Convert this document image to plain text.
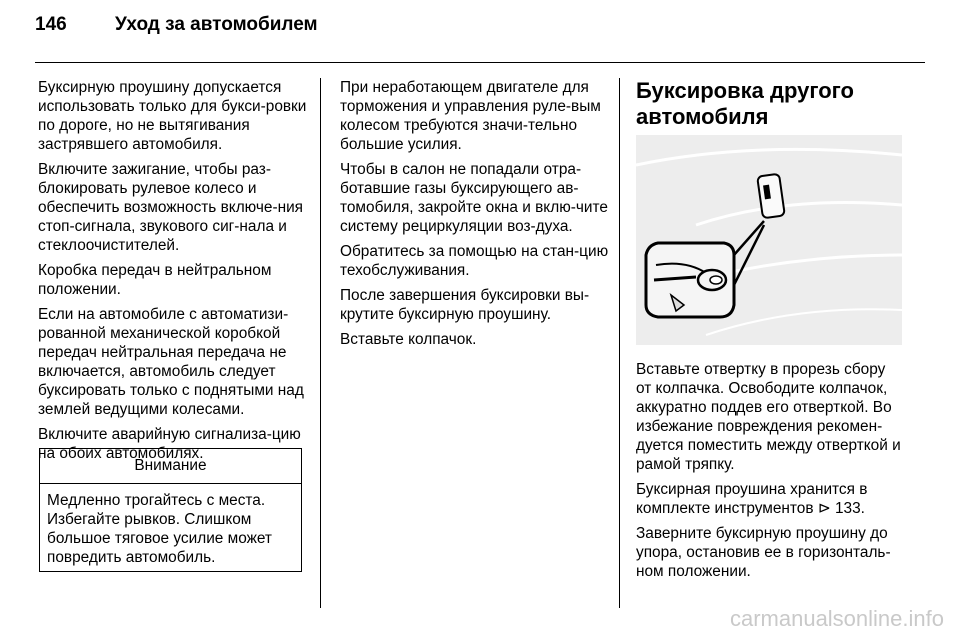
146	Уход за автомобилем

Буксирную проушину допускается использовать только для букси-ровки по дороге, но не вытягивания застрявшего автомобиля.

Включите зажигание, чтобы раз-блокировать рулевое колесо и обеспечить возможность включе-ния стоп-сигнала, звукового сиг-нала и стеклоочистителей.

Коробка передач в нейтральном положении.

Если на автомобиле с автоматизи-рованной механической коробкой передач нейтральная передача не включается, автомобиль следует буксировать только с поднятыми над землей ведущими колесами.

Включите аварийную сигнализа-цию на обоих автомобилях.

Внимание
Медленно трогайтесь с места. Избегайте рывков. Слишком большое тяговое усилие может повредить автомобиль.

При неработающем двигателе для торможения и управления руле-вым колесом требуются значи-тельно большие усилия.

Чтобы в салон не попадали отра-ботавшие газы буксирующего ав-томобиля, закройте окна и вклю-чите систему рециркуляции воз-духа.

Обратитесь за помощью на стан-цию техобслуживания.

После завершения буксировки вы-крутите буксирную проушину.

Вставьте колпачок.

Буксировка другого автомобиля

Вставьте отвертку в прорезь сбору от колпачка. Освободите колпачок, аккуратно поддев его отверткой. Во избежание повреждения рекомен-дуется поместить между отверткой и рамой тряпку.

Буксирная проушина хранится в комплекте инструментов ⊳ 133.

Заверните буксирную проушину до упора, остановив ее в горизонталь-ном положении.

carmanualsonline.info
